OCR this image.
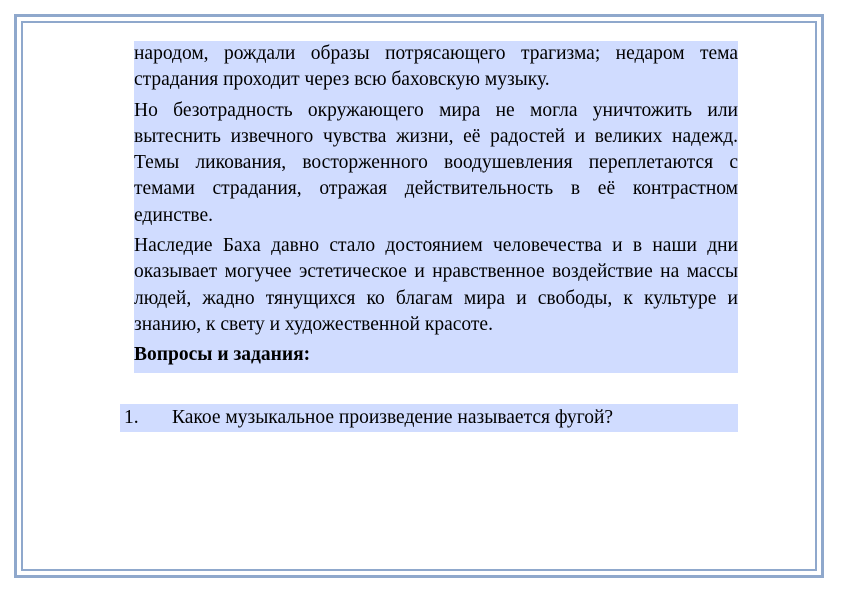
народом, рождали образы потрясающего трагизма; недаром тема страдания проходит через всю баховскую музыку.

Но безотрадность окружающего мира не могла уничтожить или вытеснить извечного чувства жизни, её радостей и великих надежд. Темы ликования, восторженного воодушевления переплетаются с темами страдания, отражая действительность в её контрастном единстве.

Наследие Баха давно стало достоянием человечества и в наши дни оказывает могучее эстетическое и нравственное воздействие на массы людей, жадно тянущихся ко благам мира и свободы, к культуре и знанию, к свету и художественной красоте.

Вопросы и задания:

1. Какое музыкальное произведение называется фугой?
